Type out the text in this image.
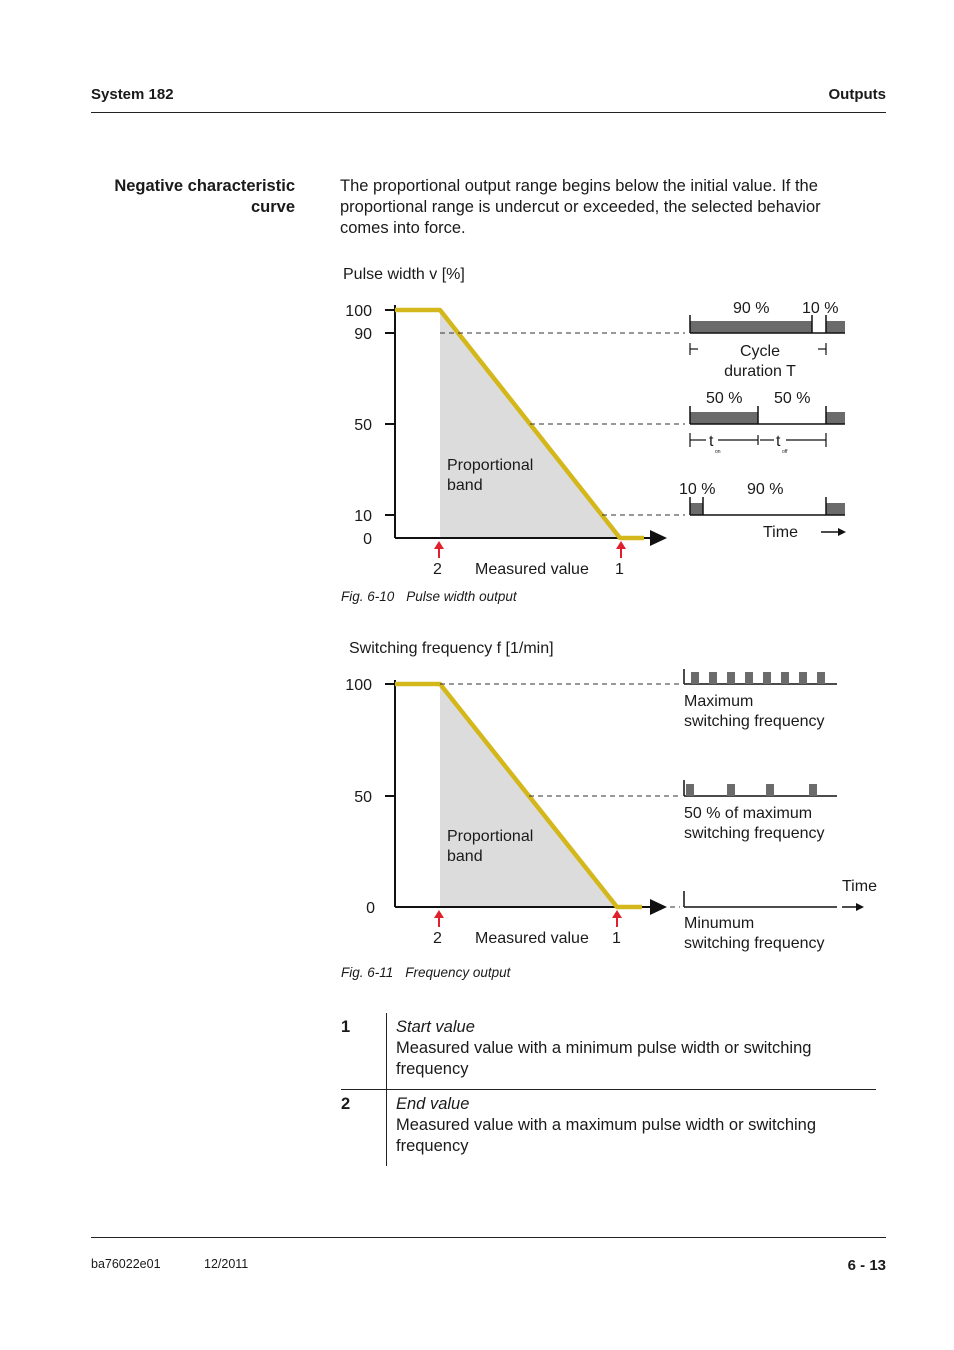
System 182	Outputs
Negative characteristic curve
The proportional output range begins below the initial value. If the proportional range is undercut or exceeded, the selected behavior comes into force.
Pulse width v [%]
100
90
50
10
0
Proportional
band
2 Measured value 1
90 % 10 %
Cycle
duration T
50 % 50 %
t
on
t
off
10 % 90 %
Time
Fig. 6-10 Pulse width output
Switching frequency f [1/min]
100
50
0
Proportional
band
2 Measured value 1
Maximum
switching frequency
50 % of maximum
switching frequency
Time
Minumum
switching frequency
Fig. 6-11 Frequency output
1	Start value
Measured value with a minimum pulse width or switching frequency

2	End value
Measured value with a maximum pulse width or switching frequency
ba76022e01	12/2011	6 - 13
